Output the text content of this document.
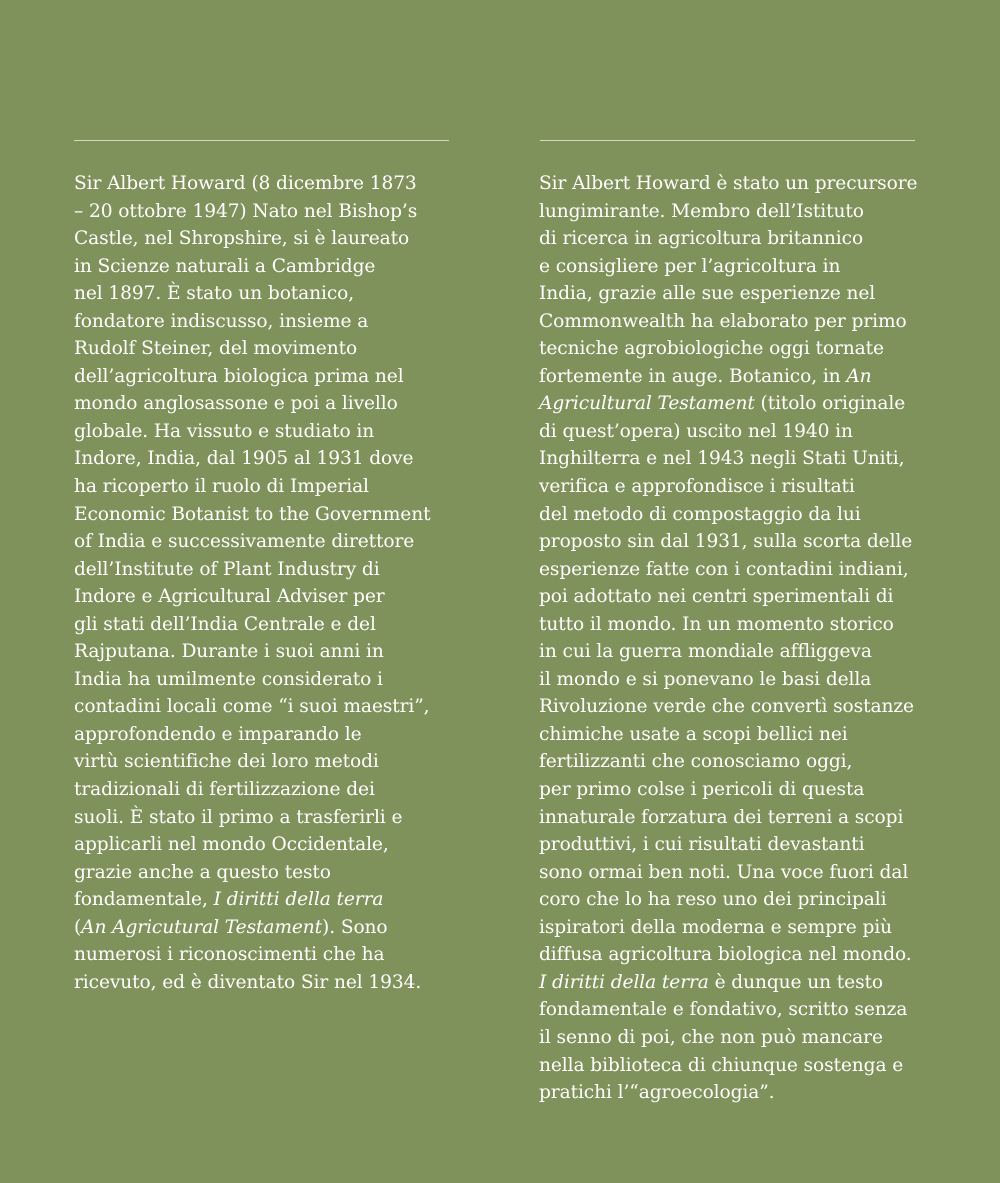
Sir Albert Howard (8 dicembre 1873
– 20 ottobre 1947) Nato nel Bishop’s
Castle, nel Shropshire, si è laureato
in Scienze naturali a Cambridge
nel 1897. È stato un botanico,
fondatore indiscusso, insieme a
Rudolf Steiner, del movimento
dell’agricoltura biologica prima nel
mondo anglosassone e poi a livello
globale. Ha vissuto e studiato in
Indore, India, dal 1905 al 1931 dove
ha ricoperto il ruolo di Imperial
Economic Botanist to the Government
of India e successivamente direttore
dell’Institute of Plant Industry di
Indore e Agricultural Adviser per
gli stati dell’India Centrale e del
Rajputana. Durante i suoi anni in
India ha umilmente considerato i
contadini locali come “i suoi maestri”,
approfondendo e imparando le
virtù scientifiche dei loro metodi
tradizionali di fertilizzazione dei
suoli. È stato il primo a trasferirli e
applicarli nel mondo Occidentale,
grazie anche a questo testo
fondamentale, I diritti della terra
(An Agricutural Testament). Sono
numerosi i riconoscimenti che ha
ricevuto, ed è diventato Sir nel 1934.
Sir Albert Howard è stato un precursore
lungimirante. Membro dell’Istituto
di ricerca in agricoltura britannico
e consigliere per l’agricoltura in
India, grazie alle sue esperienze nel
Commonwealth ha elaborato per primo
tecniche agrobiologiche oggi tornate
fortemente in auge. Botanico, in An
Agricultural Testament (titolo originale
di quest’opera) uscito nel 1940 in
Inghilterra e nel 1943 negli Stati Uniti,
verifica e approfondisce i risultati
del metodo di compostaggio da lui
proposto sin dal 1931, sulla scorta delle
esperienze fatte con i contadini indiani,
poi adottato nei centri sperimentali di
tutto il mondo. In un momento storico
in cui la guerra mondiale affliggeva
il mondo e si ponevano le basi della
Rivoluzione verde che convertì sostanze
chimiche usate a scopi bellici nei
fertilizzanti che conosciamo oggi,
per primo colse i pericoli di questa
innaturale forzatura dei terreni a scopi
produttivi, i cui risultati devastanti
sono ormai ben noti. Una voce fuori dal
coro che lo ha reso uno dei principali
ispiratori della moderna e sempre più
diffusa agricoltura biologica nel mondo.
I diritti della terra è dunque un testo
fondamentale e fondativo, scritto senza
il senno di poi, che non può mancare
nella biblioteca di chiunque sostenga e
pratichi l’“agroecologia”.
